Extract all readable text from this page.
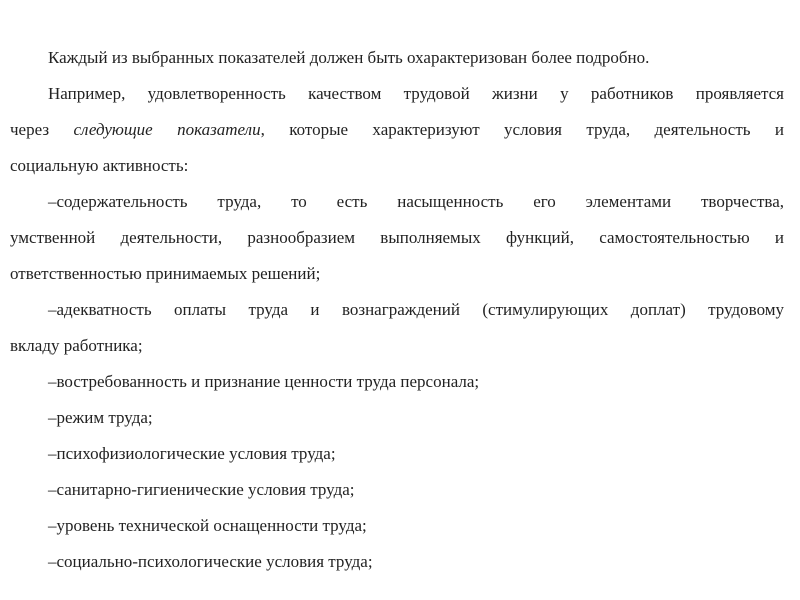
Каждый из выбранных показателей должен быть охарактеризован более подробно.
Например, удовлетворенность качеством трудовой жизни у работников проявляется
через следующие показатели, которые характеризуют условия труда, деятельность и
социальную активность:
–содержательность труда, то есть насыщенность его элементами творчества,
умственной деятельности, разнообразием выполняемых функций, самостоятельностью и
ответственностью принимаемых решений;
–адекватность оплаты труда и вознаграждений (стимулирующих доплат) трудовому
вкладу работника;
–востребованность и признание ценности труда персонала;
–режим труда;
–психофизиологические условия труда;
–санитарно-гигиенические условия труда;
–уровень технической оснащенности труда;
–социально-психологические условия труда;
